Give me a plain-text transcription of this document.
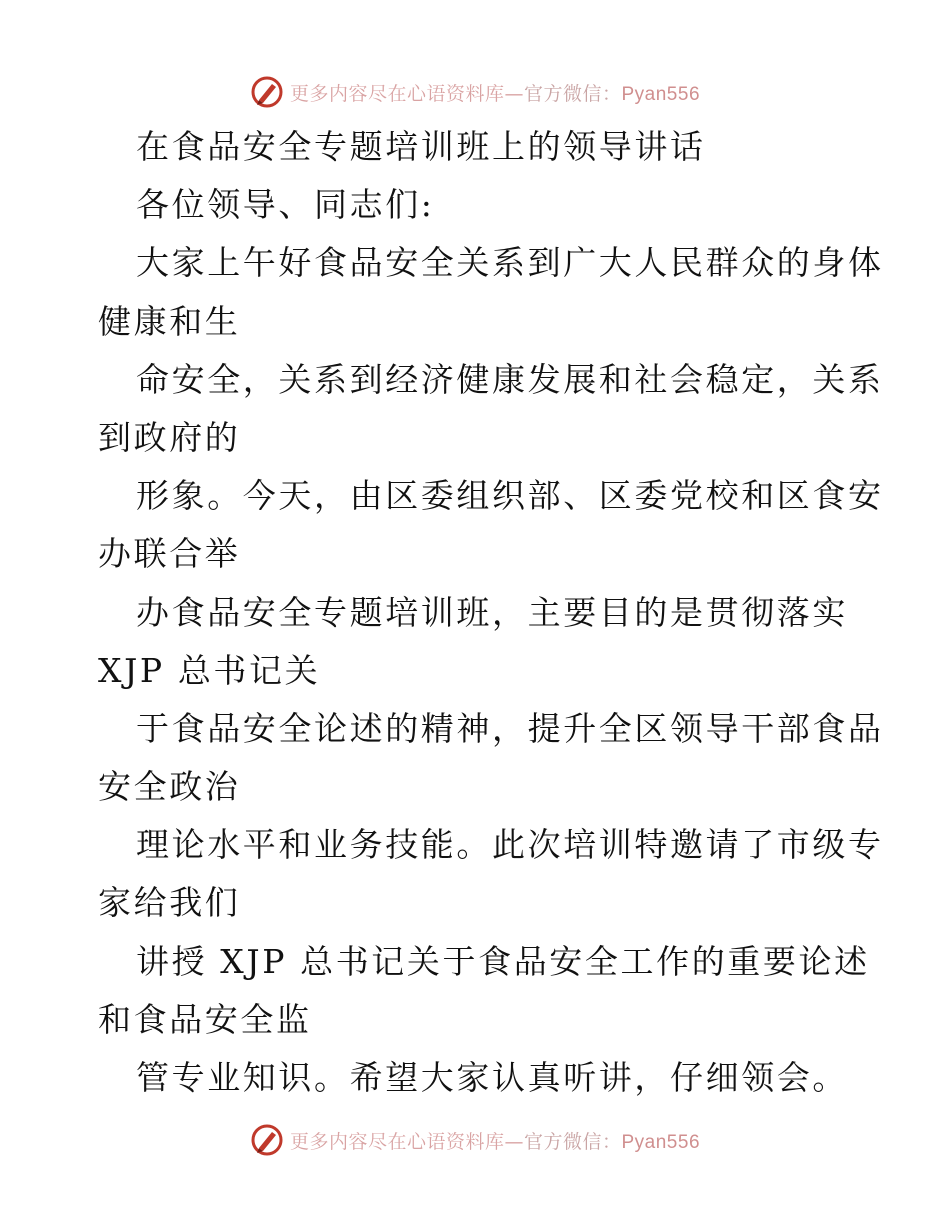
更多内容尽在心语资料库—官方微信：Pyan556
在食品安全专题培训班上的领导讲话
各位领导、同志们:
大家上午好食品安全关系到广大人民群众的身体
健康和生
命安全，关系到经济健康发展和社会稳定，关系
到政府的
形象。今天，由区委组织部、区委党校和区食安
办联合举
办食品安全专题培训班，主要目的是贯彻落实
XJP 总书记关
于食品安全论述的精神，提升全区领导干部食品
安全政治
理论水平和业务技能。此次培训特邀请了市级专
家给我们
讲授 XJP 总书记关于食品安全工作的重要论述
和食品安全监
管专业知识。希望大家认真听讲，仔细领会。
更多内容尽在心语资料库—官方微信：Pyan556
